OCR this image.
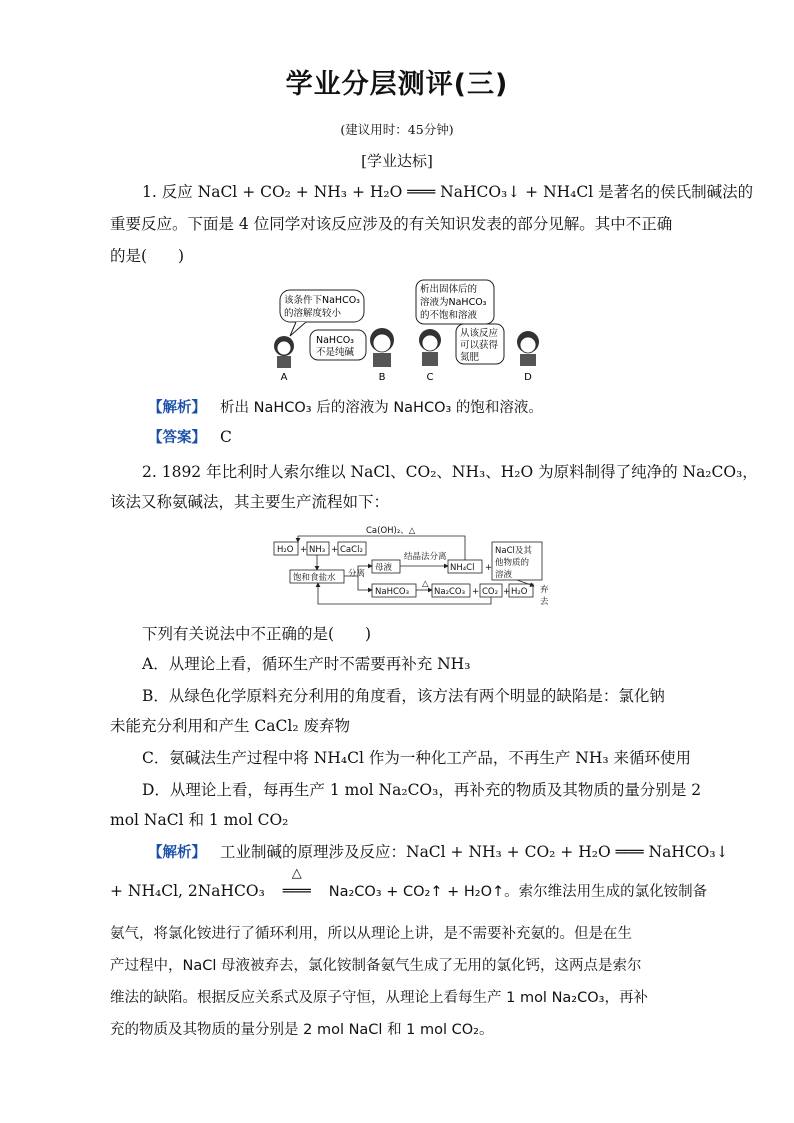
学业分层测评(三)
(建议用时：45分钟)
[学业达标]
1. 反应 NaCl + CO₂ + NH₃ + H₂O ═══ NaHCO₃↓ + NH₄Cl 是著名的侯氏制碱法的
重要反应。下面是 4 位同学对该反应涉及的有关知识发表的部分见解。其中不正确
的是(　　)
该条件下NaHCO₃
的溶解度较小
NaHCO₃
不是纯碱
析出固体后的
溶液为NaHCO₃
的不饱和溶液
从该反应
可以获得
氮肥
A	B	C	D
【解析】 析出 NaHCO₃ 后的溶液为 NaHCO₃ 的饱和溶液。
【答案】 C
2. 1892 年比利时人索尔维以 NaCl、CO₂、NH₃、H₂O 为原料制得了纯净的 Na₂CO₃，
该法又称氨碱法，其主要生产流程如下：
Ca(OH)₂、△
H₂O + NH₃ + CaCl₂
饱和食盐水 分离
母液
结晶法分离
NH₄Cl +
NaCl及其
他物质的
溶液
NaHCO₃
△
Na₂CO₃ + CO₂ + H₂O 弃
去
下列有关说法中不正确的是(　　)
A．从理论上看，循环生产时不需要再补充 NH₃
B．从绿色化学原料充分利用的角度看，该方法有两个明显的缺陷是：氯化钠
未能充分利用和产生 CaCl₂ 废弃物
C．氨碱法生产过程中将 NH₄Cl 作为一种化工产品，不再生产 NH₃ 来循环使用
D．从理论上看，每再生产 1 mol Na₂CO₃，再补充的物质及其物质的量分别是 2
mol NaCl 和 1 mol CO₂
【解析】 工业制碱的原理涉及反应：NaCl + NH₃ + CO₂ + H₂O ═══ NaHCO₃↓
+ NH₄Cl, 2NaHCO₃
△
═══ Na₂CO₃ + CO₂↑ + H₂O↑。索尔维法用生成的氯化铵制备
氨气，将氯化铵进行了循环利用，所以从理论上讲，是不需要补充氨的。但是在生
产过程中，NaCl 母液被弃去，氯化铵制备氨气生成了无用的氯化钙，这两点是索尔
维法的缺陷。根据反应关系式及原子守恒，从理论上看每生产 1 mol Na₂CO₃，再补
充的物质及其物质的量分别是 2 mol NaCl 和 1 mol CO₂。
